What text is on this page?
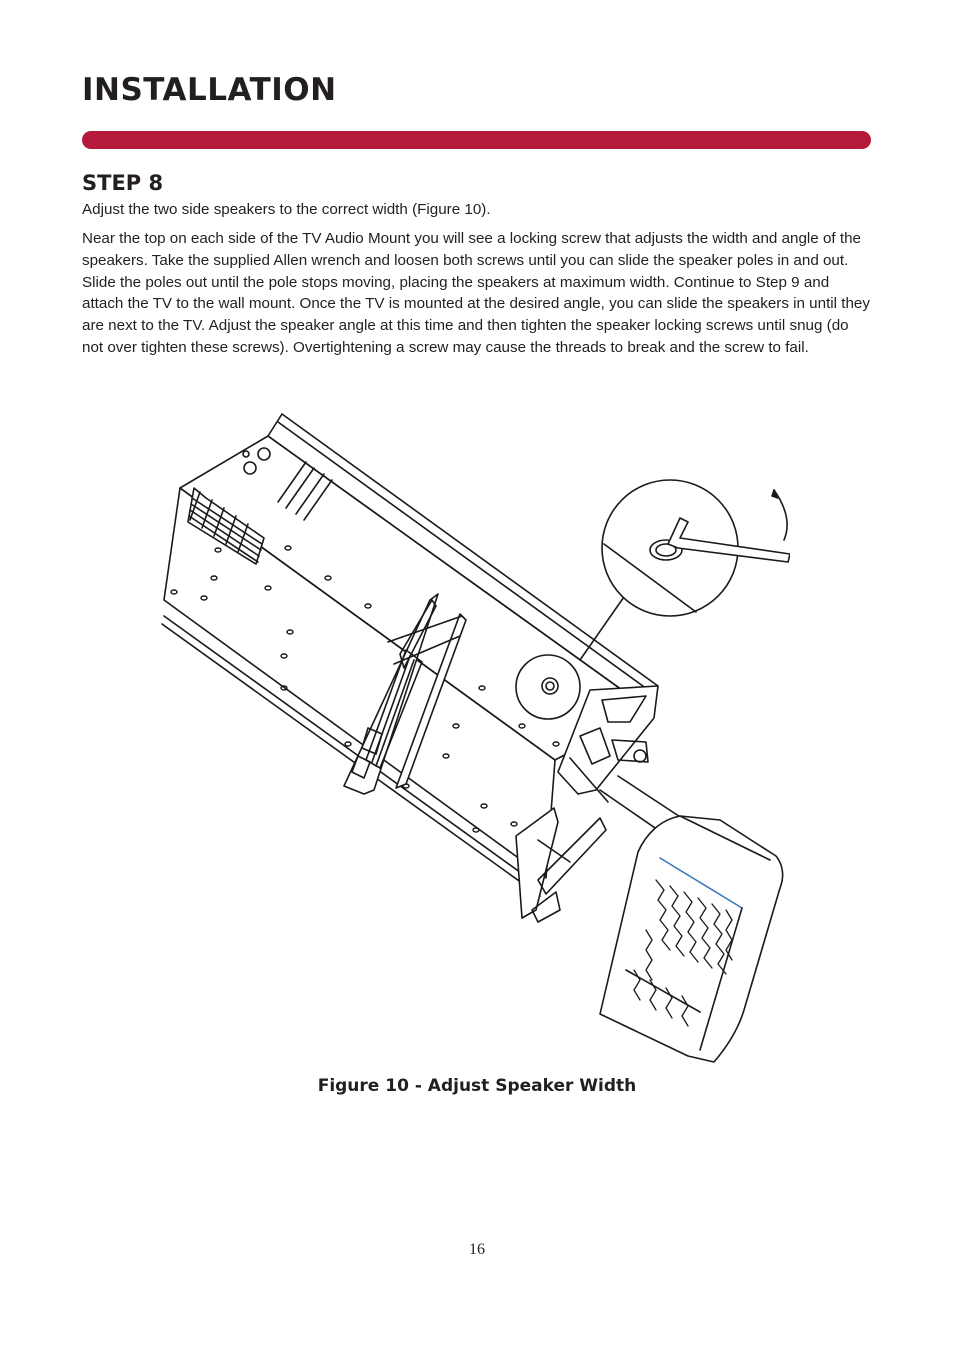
INSTALLATION
STEP 8

Adjust the two side speakers to the correct width (Figure 10).

Near the top on each side of the TV Audio Mount you will see a locking screw that adjusts the width and angle of the speakers. Take the supplied Allen wrench and loosen both screws until you can slide the speaker poles in and out. Slide the poles out until the pole stops moving, placing the speakers at maximum width. Continue to Step 9 and attach the TV to the wall mount. Once the TV is mounted at the desired angle, you can slide the speakers in until they are next to the TV. Adjust the speaker angle at this time and then tighten the speaker locking screws until snug (do not over tighten these screws). Overtightening a screw may cause the threads to break and the screw to fail.

Figure 10 - Adjust Speaker Width
16
